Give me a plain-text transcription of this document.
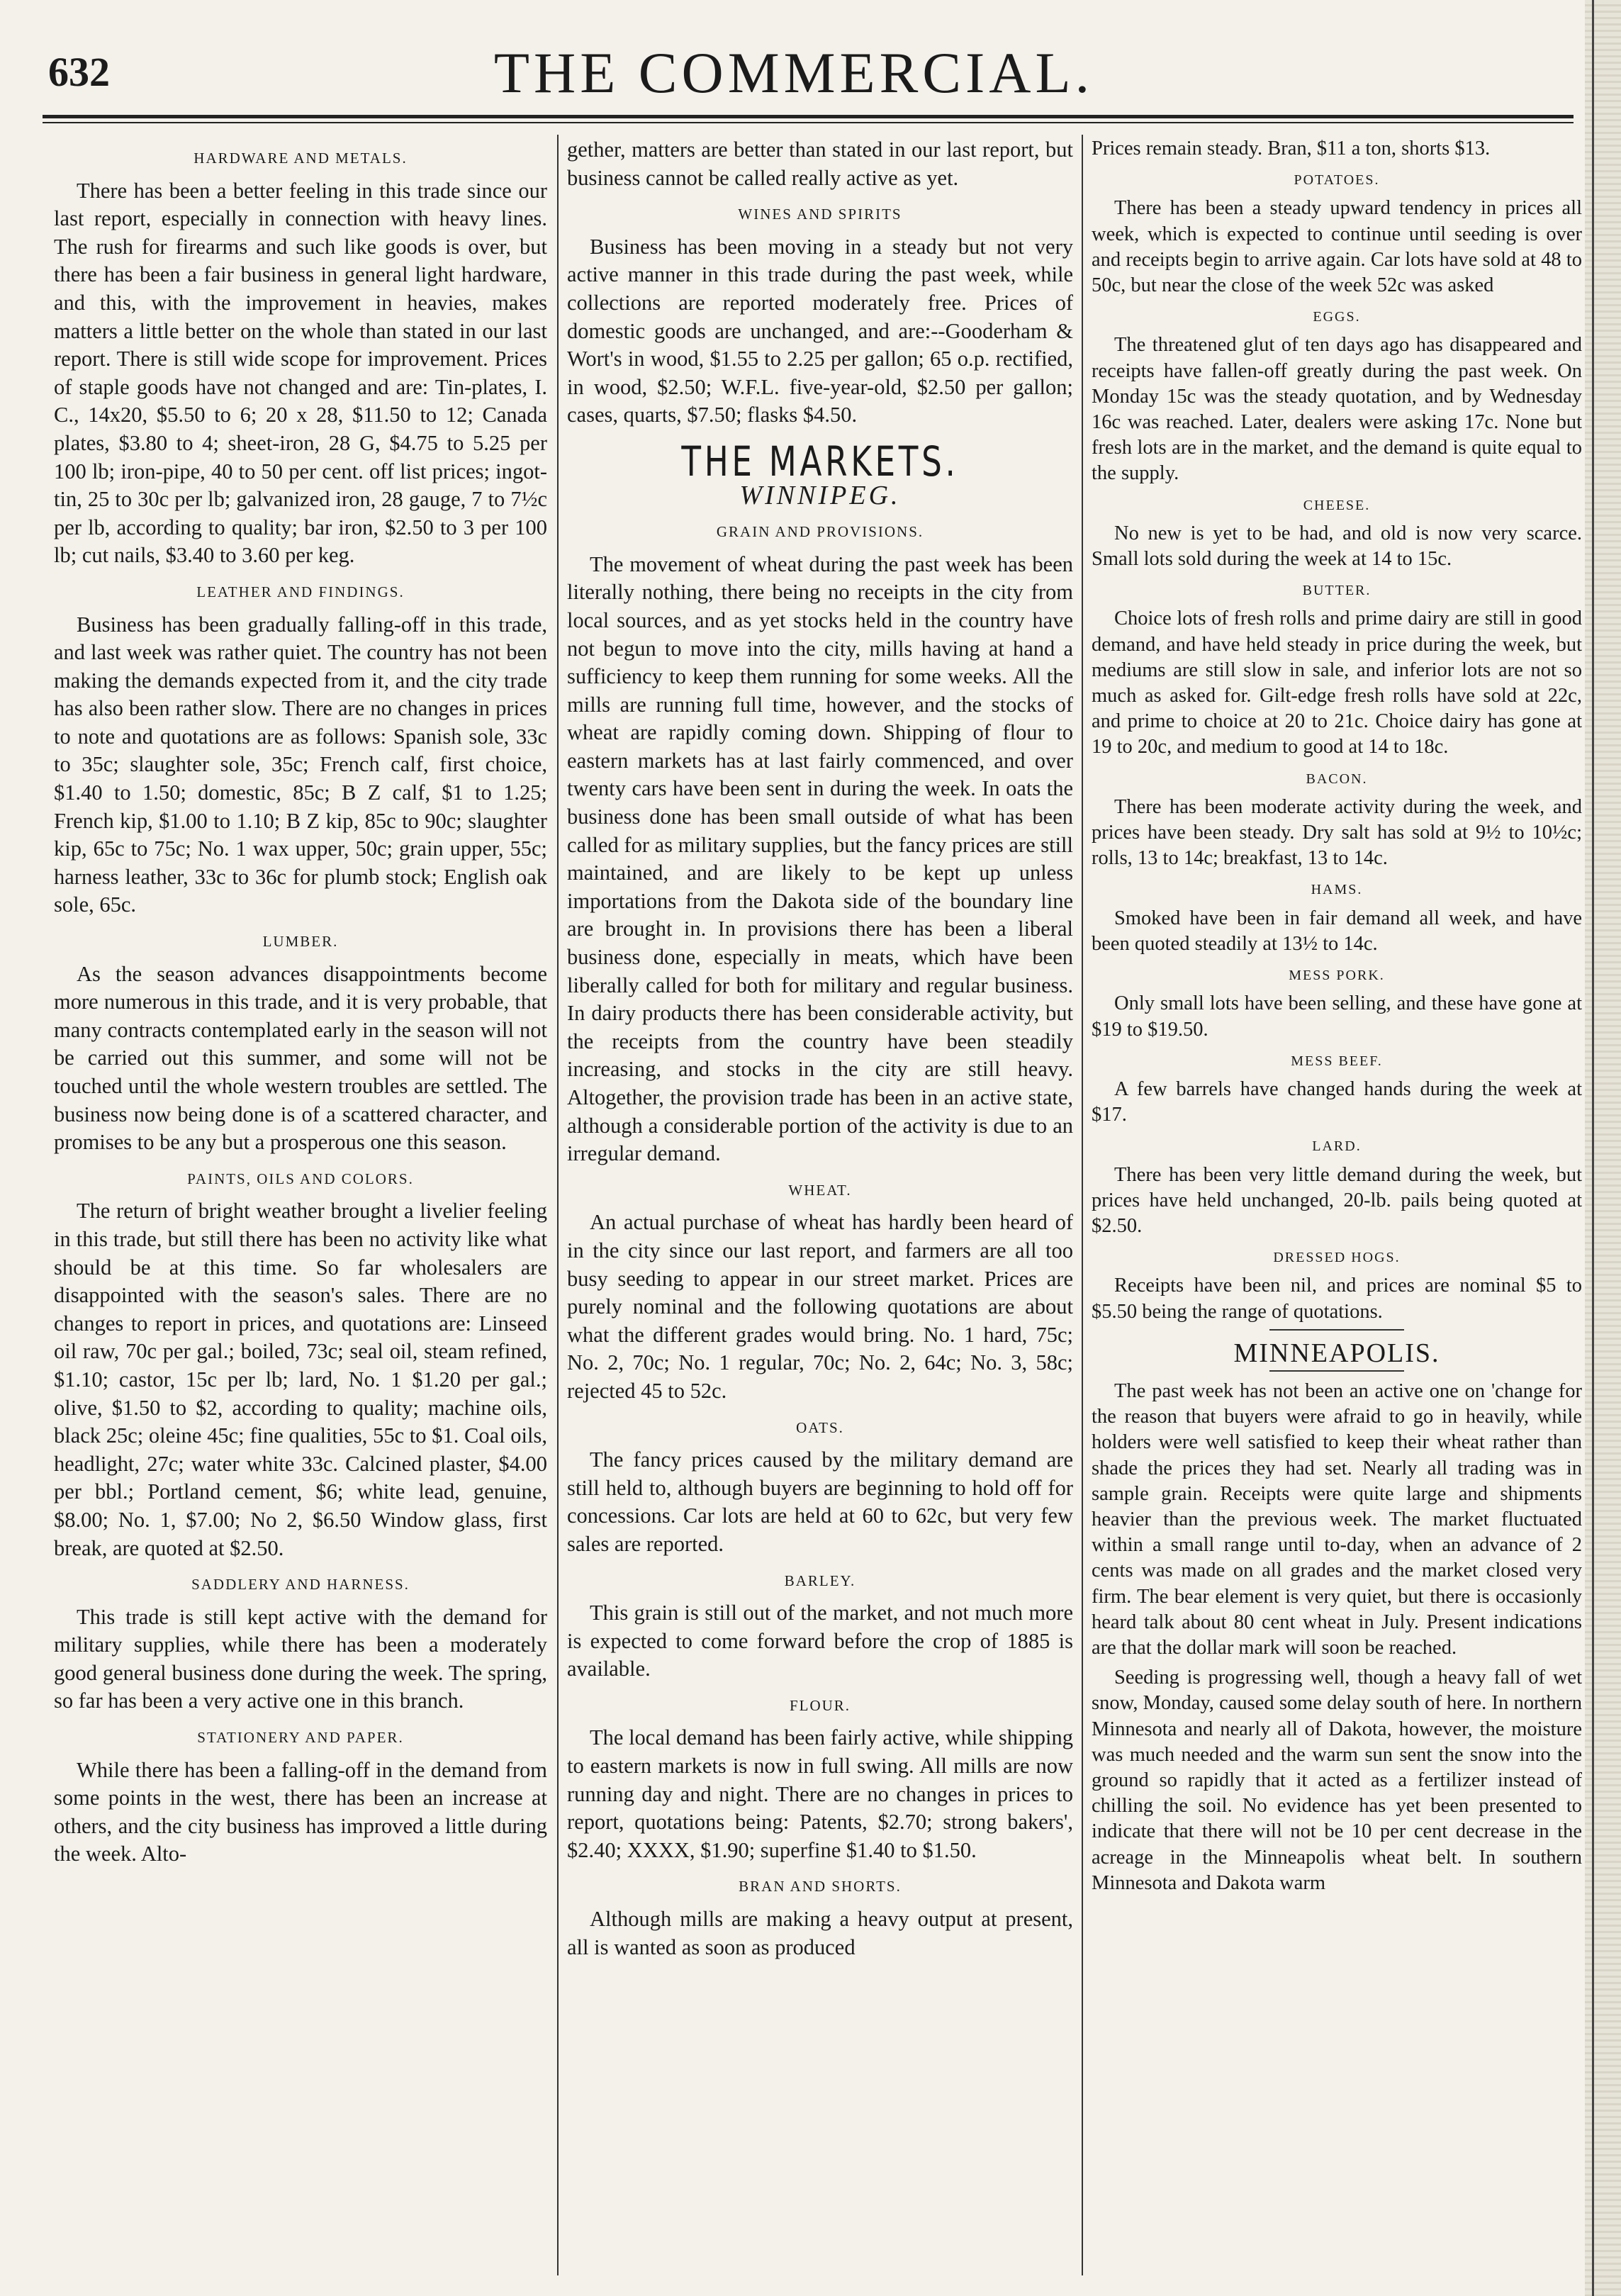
632	THE COMMERCIAL.
HARDWARE AND METALS.

There has been a better feeling in this trade since our last report, especially in connection with heavy lines. The rush for firearms and such like goods is over, but there has been a fair business in general light hardware, and this, with the improvement in heavies, makes matters a little better on the whole than stated in our last report. There is still wide scope for improvement. Prices of staple goods have not changed and are: Tin-plates, I. C., 14x20, $5.50 to 6; 20 x 28, $11.50 to 12; Canada plates, $3.80 to 4; sheet-iron, 28 G, $4.75 to 5.25 per 100 lb; iron-pipe, 40 to 50 per cent. off list prices; ingot-tin, 25 to 30c per lb; galvanized iron, 28 gauge, 7 to 7½c per lb, according to quality; bar iron, $2.50 to 3 per 100 lb; cut nails, $3.40 to 3.60 per keg.

LEATHER AND FINDINGS.

Business has been gradually falling-off in this trade, and last week was rather quiet. The country has not been making the demands expected from it, and the city trade has also been rather slow. There are no changes in prices to note and quotations are as follows: Spanish sole, 33c to 35c; slaughter sole, 35c; French calf, first choice, $1.40 to 1.50; domestic, 85c; B Z calf, $1 to 1.25; French kip, $1.00 to 1.10; B Z kip, 85c to 90c; slaughter kip, 65c to 75c; No. 1 wax upper, 50c; grain upper, 55c; harness leather, 33c to 36c for plumb stock; English oak sole, 65c.

LUMBER.

As the season advances disappointments become more numerous in this trade, and it is very probable, that many contracts contemplated early in the season will not be carried out this summer, and some will not be touched until the whole western troubles are settled. The business now being done is of a scattered character, and promises to be any but a prosperous one this season.

PAINTS, OILS AND COLORS.

The return of bright weather brought a livelier feeling in this trade, but still there has been no activity like what should be at this time. So far wholesalers are disappointed with the season's sales. There are no changes to report in prices, and quotations are: Linseed oil raw, 70c per gal.; boiled, 73c; seal oil, steam refined, $1.10; castor, 15c per lb; lard, No. 1 $1.20 per gal.; olive, $1.50 to $2, according to quality; machine oils, black 25c; oleine 45c; fine qualities, 55c to $1. Coal oils, headlight, 27c; water white 33c. Calcined plaster, $4.00 per bbl.; Portland cement, $6; white lead, genuine, $8.00; No. 1, $7.00; No 2, $6.50 Window glass, first break, are quoted at $2.50.

SADDLERY AND HARNESS.

This trade is still kept active with the demand for military supplies, while there has been a moderately good general business done during the week. The spring, so far has been a very active one in this branch.

STATIONERY AND PAPER.

While there has been a falling-off in the demand from some points in the west, there has been an increase at others, and the city business has improved a little during the week. Alto-

gether, matters are better than stated in our last report, but business cannot be called really active as yet.

WINES AND SPIRITS

Business has been moving in a steady but not very active manner in this trade during the past week, while collections are reported moderately free. Prices of domestic goods are unchanged, and are:--Gooderham & Wort's in wood, $1.55 to 2.25 per gallon; 65 o.p. rectified, in wood, $2.50; W.F.L. five-year-old, $2.50 per gallon; cases, quarts, $7.50; flasks $4.50.

THE MARKETS.
WINNIPEG.
GRAIN AND PROVISIONS.

The movement of wheat during the past week has been literally nothing, there being no receipts in the city from local sources, and as yet stocks held in the country have not begun to move into the city, mills having at hand a sufficiency to keep them running for some weeks. All the mills are running full time, however, and the stocks of wheat are rapidly coming down. Shipping of flour to eastern markets has at last fairly commenced, and over twenty cars have been sent in during the week. In oats the business done has been small outside of what has been called for as military supplies, but the fancy prices are still maintained, and are likely to be kept up unless importations from the Dakota side of the boundary line are brought in. In provisions there has been a liberal business done, especially in meats, which have been liberally called for both for military and regular business. In dairy products there has been considerable activity, but the receipts from the country have been steadily increasing, and stocks in the city are still heavy. Altogether, the provision trade has been in an active state, although a considerable portion of the activity is due to an irregular demand.

WHEAT.

An actual purchase of wheat has hardly been heard of in the city since our last report, and farmers are all too busy seeding to appear in our street market. Prices are purely nominal and the following quotations are about what the different grades would bring. No. 1 hard, 75c; No. 2, 70c; No. 1 regular, 70c; No. 2, 64c; No. 3, 58c; rejected 45 to 52c.

OATS.

The fancy prices caused by the military demand are still held to, although buyers are beginning to hold off for concessions. Car lots are held at 60 to 62c, but very few sales are reported.

BARLEY.

This grain is still out of the market, and not much more is expected to come forward before the crop of 1885 is available.

FLOUR.

The local demand has been fairly active, while shipping to eastern markets is now in full swing. All mills are now running day and night. There are no changes in prices to report, quotations being: Patents, $2.70; strong bakers', $2.40; XXXX, $1.90; superfine $1.40 to $1.50.

BRAN AND SHORTS.

Although mills are making a heavy output at present, all is wanted as soon as produced

Prices remain steady. Bran, $11 a ton, shorts $13.

POTATOES.

There has been a steady upward tendency in prices all week, which is expected to continue until seeding is over and receipts begin to arrive again. Car lots have sold at 48 to 50c, but near the close of the week 52c was asked

EGGS.

The threatened glut of ten days ago has disappeared and receipts have fallen-off greatly during the past week. On Monday 15c was the steady quotation, and by Wednesday 16c was reached. Later, dealers were asking 17c. None but fresh lots are in the market, and the demand is quite equal to the supply.

CHEESE.

No new is yet to be had, and old is now very scarce. Small lots sold during the week at 14 to 15c.

BUTTER.

Choice lots of fresh rolls and prime dairy are still in good demand, and have held steady in price during the week, but mediums are still slow in sale, and inferior lots are not so much as asked for. Gilt-edge fresh rolls have sold at 22c, and prime to choice at 20 to 21c. Choice dairy has gone at 19 to 20c, and medium to good at 14 to 18c.

BACON.

There has been moderate activity during the week, and prices have been steady. Dry salt has sold at 9½ to 10½c; rolls, 13 to 14c; breakfast, 13 to 14c.

HAMS.

Smoked have been in fair demand all week, and have been quoted steadily at 13½ to 14c.

MESS PORK.

Only small lots have been selling, and these have gone at $19 to $19.50.

MESS BEEF.

A few barrels have changed hands during the week at $17.

LARD.

There has been very little demand during the week, but prices have held unchanged, 20-lb. pails being quoted at $2.50.

DRESSED HOGS.

Receipts have been nil, and prices are nominal $5 to $5.50 being the range of quotations.

MINNEAPOLIS.

The past week has not been an active one on 'change for the reason that buyers were afraid to go in heavily, while holders were well satisfied to keep their wheat rather than shade the prices they had set. Nearly all trading was in sample grain. Receipts were quite large and shipments heavier than the previous week. The market fluctuated within a small range until to-day, when an advance of 2 cents was made on all grades and the market closed very firm. The bear element is very quiet, but there is occasionly heard talk about 80 cent wheat in July. Present indications are that the dollar mark will soon be reached.

Seeding is progressing well, though a heavy fall of wet snow, Monday, caused some delay south of here. In northern Minnesota and nearly all of Dakota, however, the moisture was much needed and the warm sun sent the snow into the ground so rapidly that it acted as a fertilizer instead of chilling the soil. No evidence has yet been presented to indicate that there will not be 10 per cent decrease in the acreage in the Minneapolis wheat belt. In southern Minnesota and Dakota warm
